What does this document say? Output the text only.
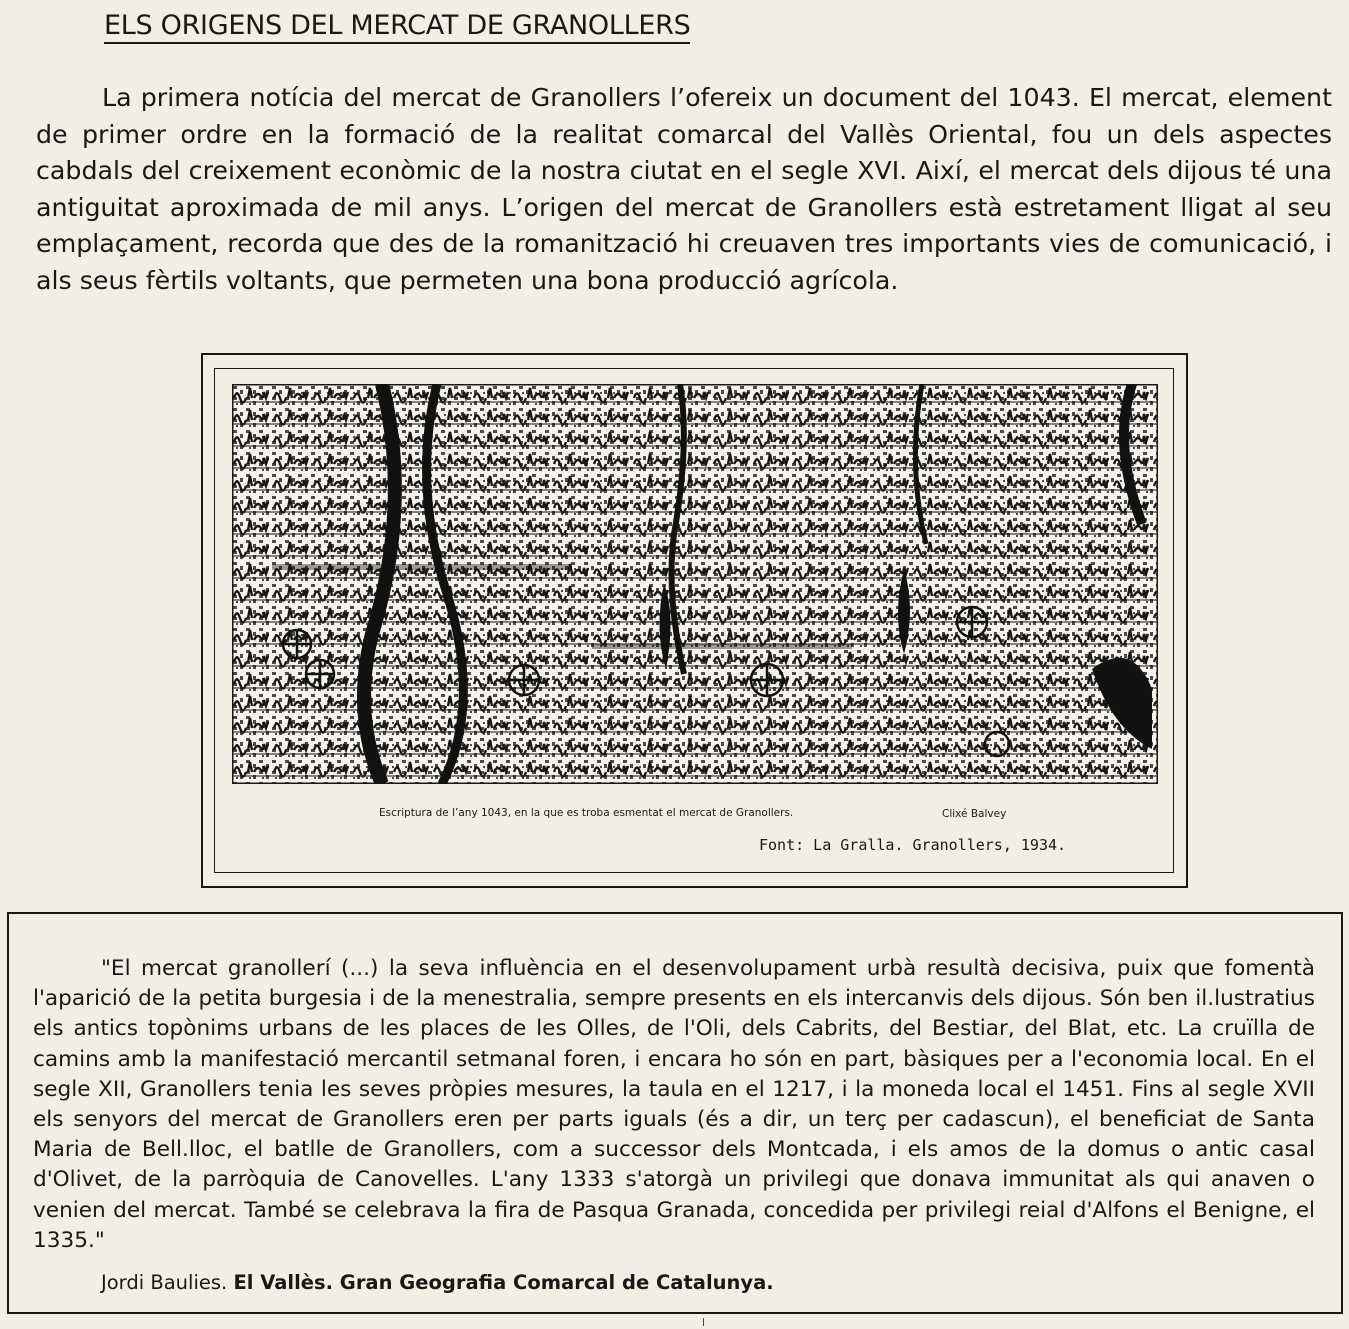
ELS ORIGENS DEL MERCAT DE GRANOLLERS

La primera notícia del mercat de Granollers l’ofereix un document del 1043. El mercat, element de primer ordre en la formació de la realitat comarcal del Vallès Oriental, fou un dels aspectes cabdals del creixement econòmic de la nostra ciutat en el segle XVI. Així, el mercat dels dijous té una antiguitat aproximada de mil anys. L’origen del mercat de Granollers està estretament lligat al seu emplaçament, recorda que des de la romanització hi creuaven tres importants vies de comunicació, i als seus fèrtils voltants, que permeten una bona producció agrícola.

Escriptura de l’any 1043, en la que es troba esmentat el mercat de Granollers.	Clixé Balvey
Font: La Gralla. Granollers, 1934.

"El mercat granollerí (...) la seva influència en el desenvolupament urbà resultà decisiva, puix que fomentà l'aparició de la petita burgesia i de la menestralia, sempre presents en els intercanvis dels dijous. Són ben il.lustratius els antics topònims urbans de les places de les Olles, de l'Oli, dels Cabrits, del Bestiar, del Blat, etc. La cruïlla de camins amb la manifestació mercantil setmanal foren, i encara ho són en part, bàsiques per a l'economia local. En el segle XII, Granollers tenia les seves pròpies mesures, la taula en el 1217, i la moneda local el 1451. Fins al segle XVII els senyors del mercat de Granollers eren per parts iguals (és a dir, un terç per cadascun), el beneficiat de Santa Maria de Bell.lloc, el batlle de Granollers, com a successor dels Montcada, i els amos de la domus o antic casal d'Olivet, de la parròquia de Canovelles. L'any 1333 s'atorgà un privilegi que donava immunitat als qui anaven o venien del mercat. També se celebrava la fira de Pasqua Granada, concedida per privilegi reial d'Alfons el Benigne, el 1335."

Jordi Baulies. El Vallès. Gran Geografia Comarcal de Catalunya.
